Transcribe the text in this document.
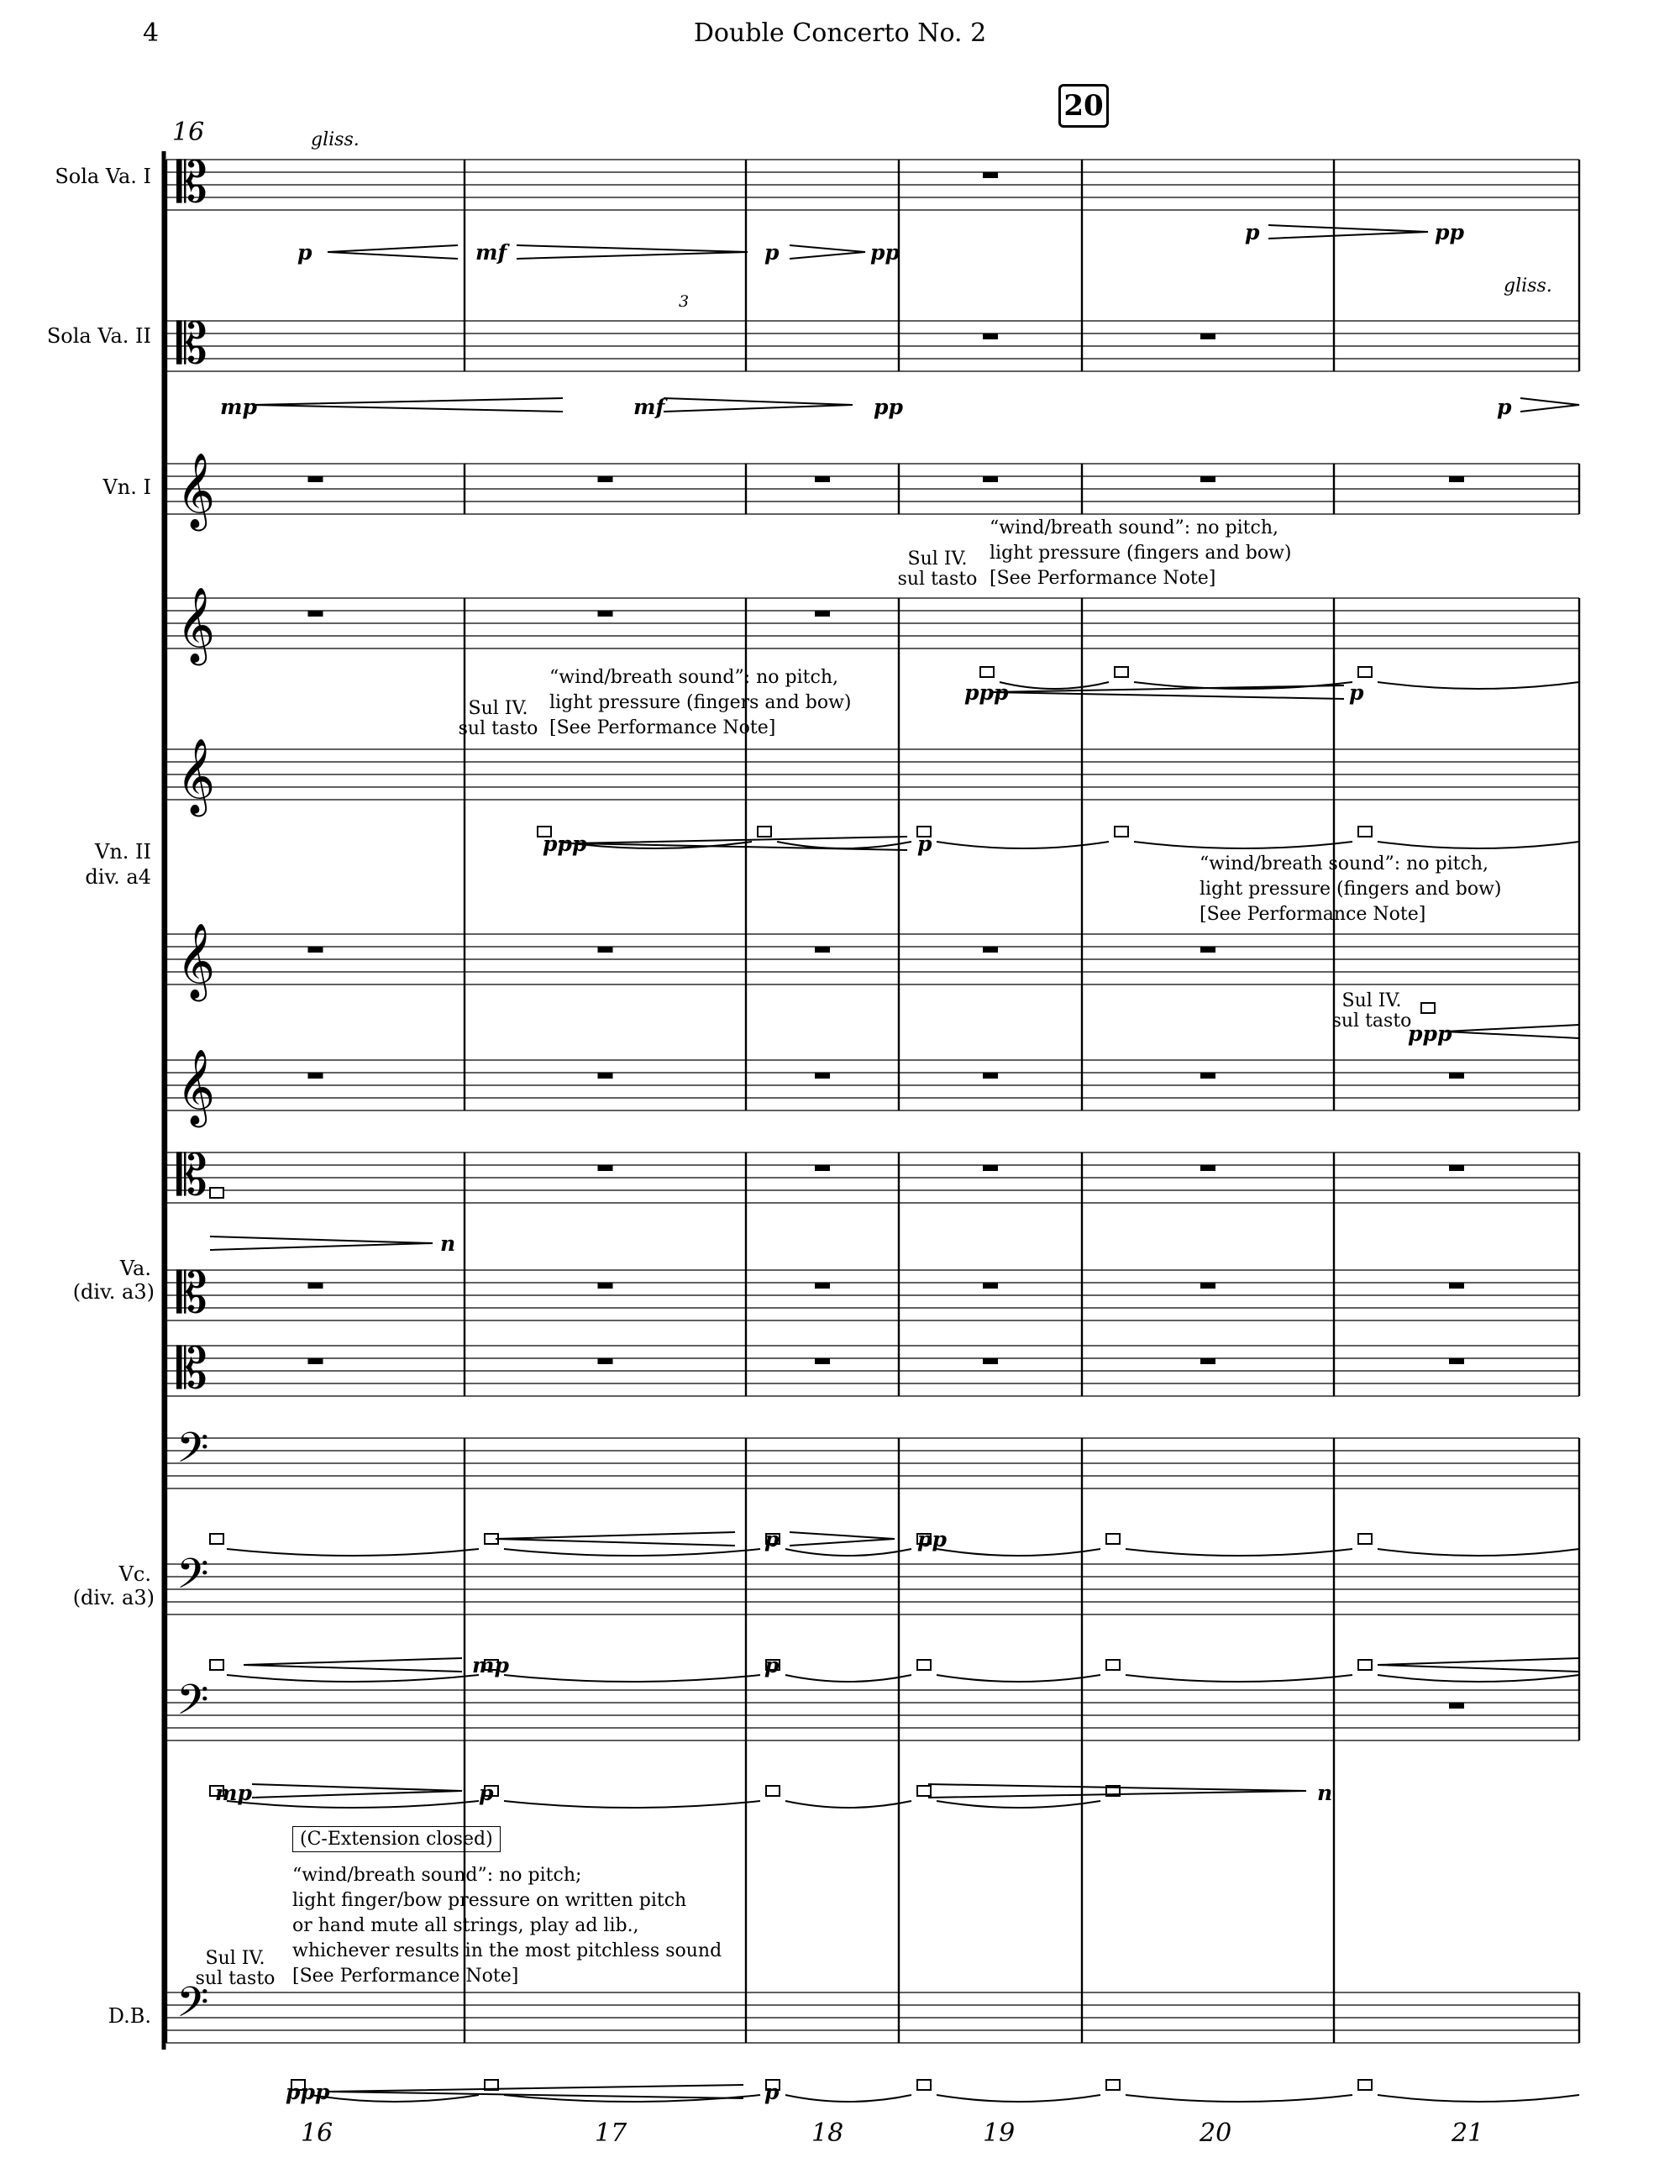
4	Double Concerto No. 2
20
16
𝄡
𝄡
𝄞
𝄞
𝄞
𝄞
𝄞
𝄡
𝄡
𝄡
𝄢
𝄢
𝄢
𝄢
Sola Va. I
Sola Va. II
Vn. I
Vn. II
div. a4
Va.
(div. a3)
Vc.
(div. a3)
D.B.
gliss.
gliss.
3
“wind/breath sound”: no pitch,
light pressure (fingers and bow)
[See Performance Note]
Sul IV.
sul tasto
“wind/breath sound”: no pitch,
light pressure (fingers and bow)
[See Performance Note]
Sul IV.
sul tasto
“wind/breath sound”: no pitch,
light pressure (fingers and bow)
[See Performance Note]
Sul IV.
sul tasto
(C-Extension closed)
“wind/breath sound”: no pitch;
light finger/bow pressure on written pitch
or hand mute all strings, play ad lib.,
whichever results in the most pitchless sound
[See Performance Note]
Sul IV.
sul tasto
p	mf	p	pp
p	pp
mp	mf	pp	p
ppp	p
ppp	p
ppp
n
p	pp
mp	p
mp	p	n
ppp	p
16	17	18	19	20	21
